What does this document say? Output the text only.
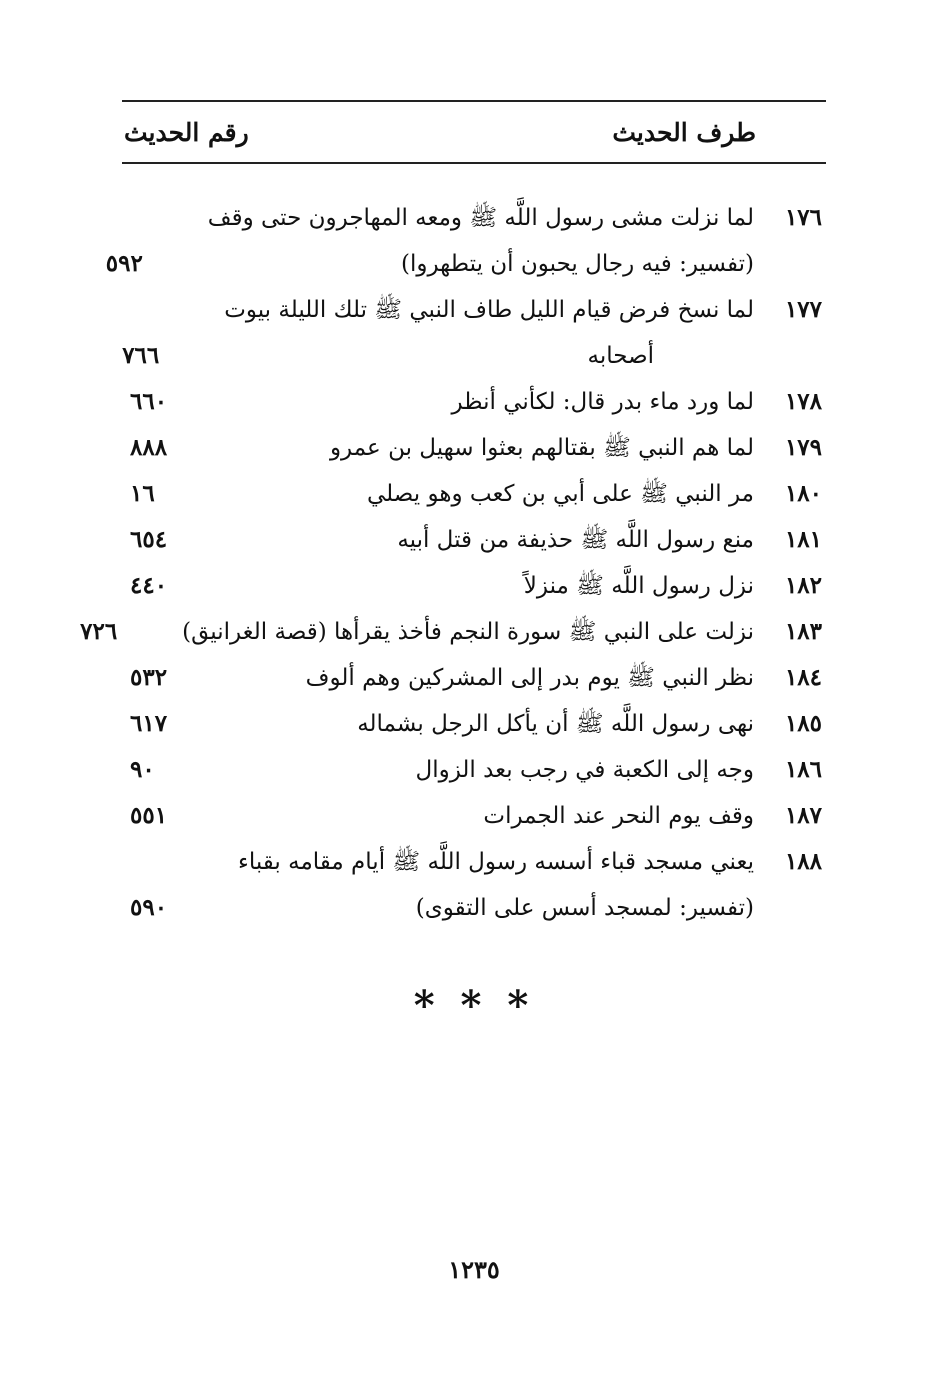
طرف الحديث
رقم الحديث
١٧٦
لما نزلت مشى رسول اللَّه ﷺ ومعه المهاجرون حتى وقف
(تفسير: فيه رجال يحبون أن يتطهروا)
٥٩٢
١٧٧
لما نسخ فرض قيام الليل طاف النبي ﷺ تلك الليلة بيوت
أصحابه
٧٦٦
١٧٨
لما ورد ماء بدر قال: لكأني أنظر
٦٦٠
١٧٩
لما هم النبي ﷺ بقتالهم بعثوا سهيل بن عمرو
٨٨٨
١٨٠
مر النبي ﷺ على أبي بن كعب وهو يصلي
١٦
١٨١
منع رسول اللَّه ﷺ حذيفة من قتل أبيه
٦٥٤
١٨٢
نزل رسول اللَّه ﷺ منزلاً
٤٤٠
١٨٣
نزلت على النبي ﷺ سورة النجم فأخذ يقرأها (قصة الغرانيق)
٧٢٦
١٨٤
نظر النبي ﷺ يوم بدر إلى المشركين وهم ألوف
٥٣٢
١٨٥
نهى رسول اللَّه ﷺ أن يأكل الرجل بشماله
٦١٧
١٨٦
وجه إلى الكعبة في رجب بعد الزوال
٩٠
١٨٧
وقف يوم النحر عند الجمرات
٥٥١
١٨٨
يعني مسجد قباء أسسه رسول اللَّه ﷺ أيام مقامه بقباء
(تفسير: لمسجد أسس على التقوى)
٥٩٠
* * *
١٢٣٥
